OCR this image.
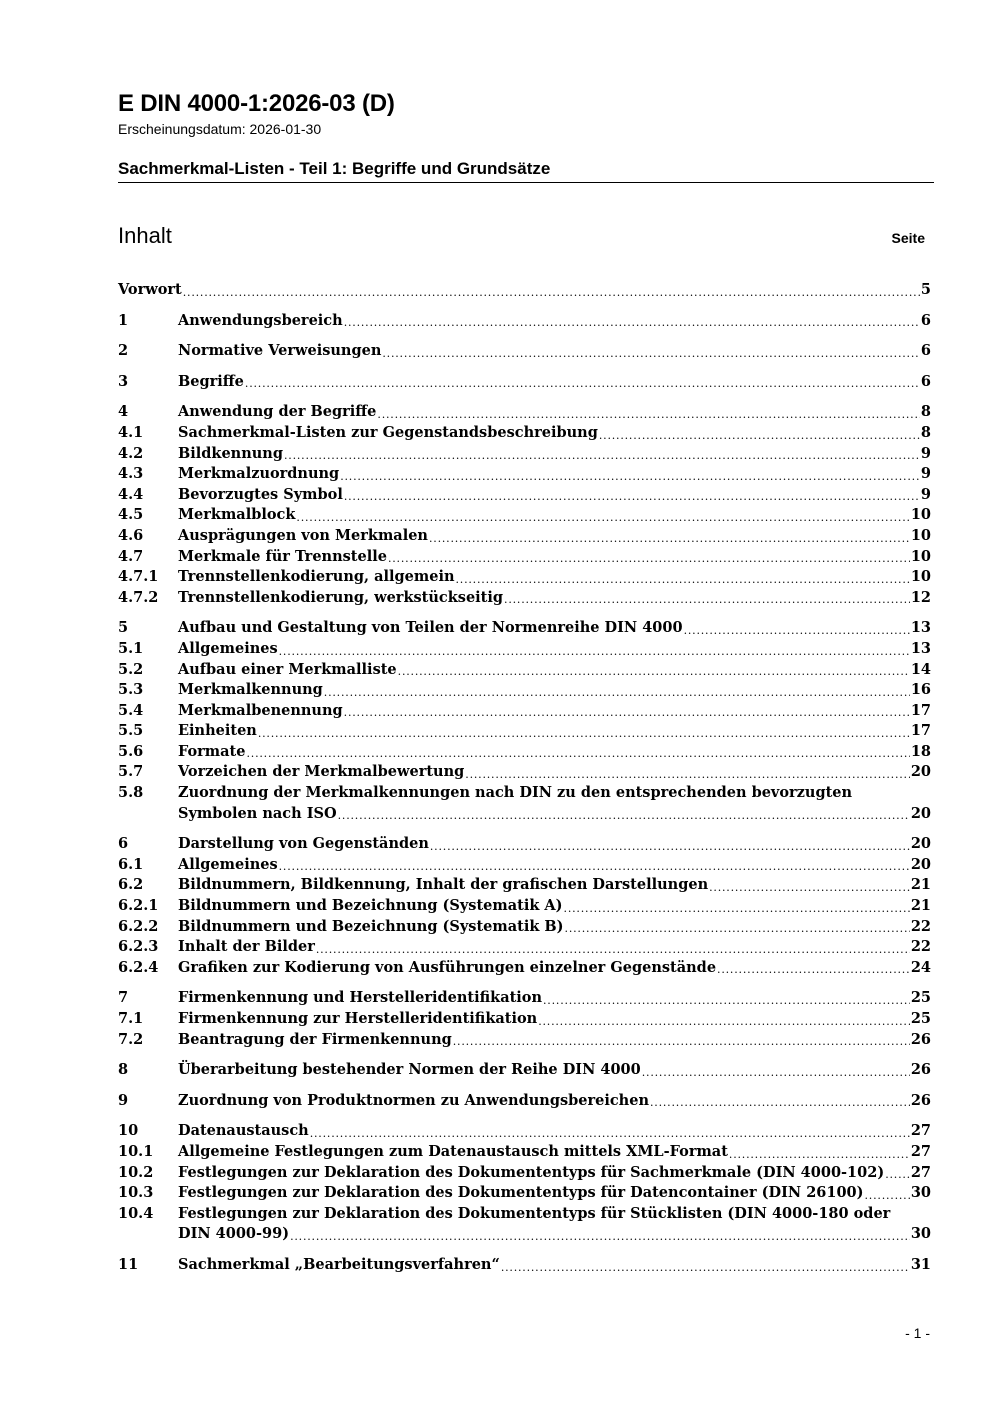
E DIN 4000-1:2026-03 (D)
Erscheinungsdatum: 2026-01-30
Sachmerkmal-Listen - Teil 1: Begriffe und Grundsätze
Inhalt	Seite
Vorwort .....	5
1	Anwendungsbereich .....	6
2	Normative Verweisungen .....	6
3	Begriffe .....	6
4	Anwendung der Begriffe .....	8
4.1	Sachmerkmal-Listen zur Gegenstandsbeschreibung .....	8
4.2	Bildkennung .....	9
4.3	Merkmalzuordnung .....	9
4.4	Bevorzugtes Symbol .....	9
4.5	Merkmalblock .....	10
4.6	Ausprägungen von Merkmalen .....	10
4.7	Merkmale für Trennstelle .....	10
4.7.1	Trennstellenkodierung, allgemein .....	10
4.7.2	Trennstellenkodierung, werkstückseitig .....	12
5	Aufbau und Gestaltung von Teilen der Normenreihe DIN 4000 .....	13
5.1	Allgemeines .....	13
5.2	Aufbau einer Merkmalliste .....	14
5.3	Merkmalkennung .....	16
5.4	Merkmalbenennung .....	17
5.5	Einheiten .....	17
5.6	Formate .....	18
5.7	Vorzeichen der Merkmalbewertung .....	20
5.8	Zuordnung der Merkmalkennungen nach DIN zu den entsprechenden bevorzugten
Symbolen nach ISO .....	20
6	Darstellung von Gegenständen .....	20
6.1	Allgemeines .....	20
6.2	Bildnummern, Bildkennung, Inhalt der grafischen Darstellungen .....	21
6.2.1	Bildnummern und Bezeichnung (Systematik A) .....	21
6.2.2	Bildnummern und Bezeichnung (Systematik B) .....	22
6.2.3	Inhalt der Bilder .....	22
6.2.4	Grafiken zur Kodierung von Ausführungen einzelner Gegenstände .....	24
7	Firmenkennung und Herstelleridentifikation .....	25
7.1	Firmenkennung zur Herstelleridentifikation .....	25
7.2	Beantragung der Firmenkennung .....	26
8	Überarbeitung bestehender Normen der Reihe DIN 4000 .....	26
9	Zuordnung von Produktnormen zu Anwendungsbereichen .....	26
10	Datenaustausch .....	27
10.1	Allgemeine Festlegungen zum Datenaustausch mittels XML-Format .....	27
10.2	Festlegungen zur Deklaration des Dokumententyps für Sachmerkmale (DIN 4000-102) ..... 27
10.3	Festlegungen zur Deklaration des Dokumententyps für Datencontainer (DIN 26100) .....	30
10.4	Festlegungen zur Deklaration des Dokumententyps für Stücklisten (DIN 4000-180 oder
DIN 4000-99) .....	30
11	Sachmerkmal „Bearbeitungsverfahren“ .....	31
- 1 -
